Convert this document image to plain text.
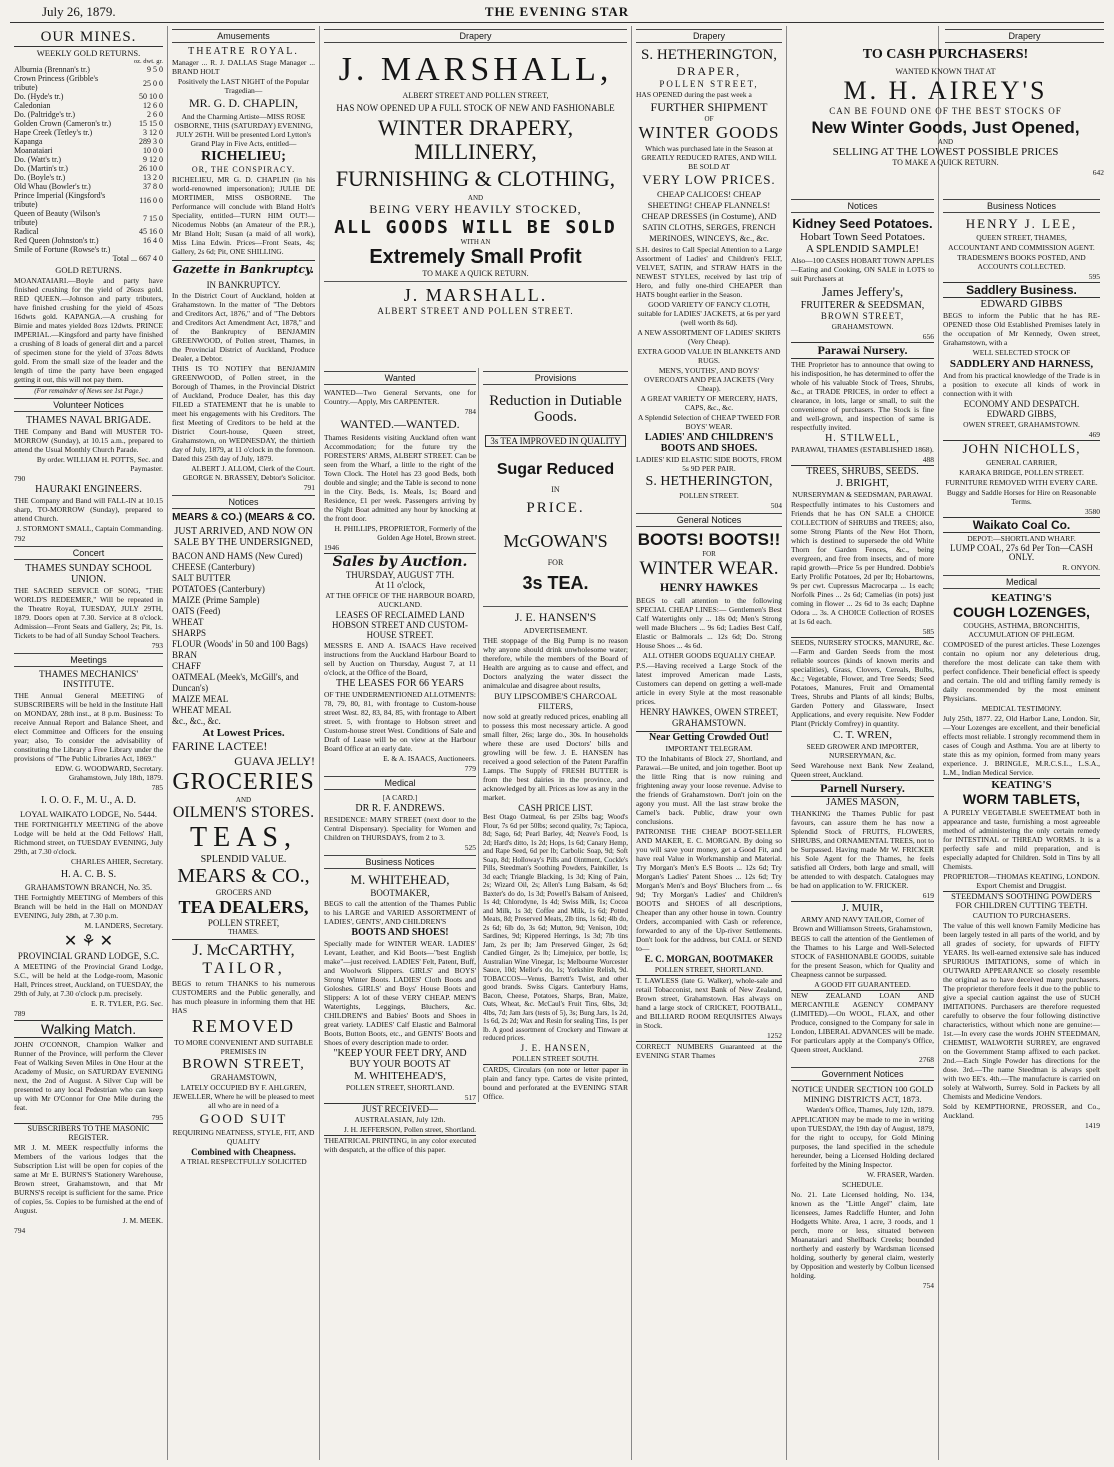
July 26, 1879.	THE EVENING STAR
OUR MINES.
WEEKLY GOLD RETURNS.
oz. dwt. gr.
Alburnia (Brennan's tr.)	9 5 0
Crown Princess (Gribble's tribute)	25 0 0
Do. (Hyde's tr.)	50 10 0
Caledonian	12 6 0
Do. (Paltridge's tr.)	2 6 0
Golden Crown (Cameron's tr.)	15 15 0
Hape Creek (Tetley's tr.)	3 12 0
Kapanga	289 3 0
Moanataiari	10 0 0
Do. (Watt's tr.)	9 12 0
Do. (Martin's tr.)	26 10 0
Do. (Boyle's tr.)	13 2 0
Old Whau (Bowler's tr.)	37 8 0
Prince Imperial (Kingsford's tribute)	116 0 0
Queen of Beauty (Wilson's tribute)	7 15 0
Radical	45 16 0
Red Queen (Johnston's tr.)	16 4 0
Smile of Fortune (Rowse's tr.)	
Total ... 667 4 0
GOLD RETURNS.
MOANATAIARI.—Boyle and party have finished crushing for the yield of 26ozs gold. RED QUEEN.—Johnson and party tributers, have finished crushing for the yield of 45ozs 16dwts gold. KAPANGA.—A crushing for Birnie and mates yielded 8ozs 12dwts. PRINCE IMPERIAL.—Kingsford and party have finished a crushing of 8 loads of general dirt and a parcel of specimen stone for the yield of 37ozs 8dwts gold. From the small size of the leader and the length of time the party have been engaged getting it out, this will not pay them.
(For remainder of News see 1st Page.)
Volunteer Notices
THAMES NAVAL BRIGADE.
THE Company and Band will MUSTER TO-MORROW (Sunday), at 10.15 a.m., prepared to attend the Usual Monthly Church Parade.
By order. WILLIAM H. POTTS, Sec. and Paymaster.
790
HAURAKI ENGINEERS.
THE Company and Band will FALL-IN at 10.15 sharp, TO-MORROW (Sunday), prepared to attend Church.
J. STORMONT SMALL, Captain Commanding.
792
Concert
THAMES SUNDAY SCHOOL UNION.
THE SACRED SERVICE OF SONG, "THE WORLD'S REDEEMER," Will be repeated in the Theatre Royal, TUESDAY, JULY 29TH, 1879. Doors open at 7.30. Service at 8 o'clock. Admission—Front Seats and Gallery, 2s; Pit, 1s. Tickets to be had of all Sunday School Teachers.
793
Meetings
THAMES MECHANICS' INSTITUTE.
THE Annual General MEETING of SUBSCRIBERS will be held in the Institute Hall on MONDAY, 28th inst., at 8 p.m. Business: To receive Annual Report and Balance Sheet, and elect Committee and Officers for the ensuing year; also, To consider the advisability of constituting the Library a Free Library under the provisions of "The Public Libraries Act, 1869."
EDW. G. WOODWARD, Secretary. Grahamstown, July 18th, 1879.
785
I. O. O. F., M. U., A. D.
LOYAL WAIKATO LODGE, No. 5444.
THE FORTNIGHTLY MEETING of the above Lodge will be held at the Odd Fellows' Hall, Richmond street, on TUESDAY EVENING, July 29th, at 7.30 o'clock.
CHARLES AHIER, Secretary.
H. A. C. B. S.
GRAHAMSTOWN BRANCH, No. 35.
THE Fortnightly MEETING of Members of this Branch will be held in the Hall on MONDAY EVENING, July 28th, at 7.30 p.m.
M. LANDERS, Secretary.
✕ ⚘ ✕
PROVINCIAL GRAND LODGE, S.C.
A MEETING of the Provincial Grand Lodge, S.C., will be held at the Lodge-room, Masonic Hall, Princes street, Auckland, on TUESDAY, the 29th of July, at 7.30 o'clock p.m. precisely.
E. R. TYLER, P.G. Sec.
789
Walking Match.
JOHN O'CONNOR, Champion Walker and Runner of the Province, will perform the Clever Feat of Walking Seven Miles in One Hour at the Academy of Music, on SATURDAY EVENING next, the 2nd of August. A Silver Cup will be presented to any local Pedestrian who can keep up with Mr O'Connor for One Mile during the feat.
795
SUBSCRIBERS TO THE MASONIC REGISTER.
MR J. M. MEEK respectfully informs the Members of the various lodges that the Subscription List will be open for copies of the same at Mr E. BURNS'S Stationery Warehouse, Brown street, Grahamstown, and that Mr BURNS'S receipt is sufficient for the same. Price of copies, 5s. Copies to be furnished at the end of August.
J. M. MEEK.
794
Amusements
THEATRE ROYAL.
Manager ... R. J. DALLAS Stage Manager ... BRAND HOLT
Positively the LAST NIGHT of the Popular Tragedian—
MR. G. D. CHAPLIN,
And the Charming Artiste—MISS ROSE OSBORNE, THIS (SATURDAY) EVENING, JULY 26TH. Will be presented Lord Lytton's Grand Play in Five Acts, entitled—
RICHELIEU;
OR, THE CONSPIRACY.
RICHELIEU, MR G. D. CHAPLIN (in his world-renowned impersonation); JULIE DE MORTIMER, MISS OSBORNE. The Performance will conclude with Bland Holt's Speciality, entitled—TURN HIM OUT!—Nicodemus Nobbs (an Amateur of the P.R.), Mr Bland Holt; Susan (a maid of all work), Miss Lina Edwin. Prices—Front Seats, 4s; Gallery, 2s 6d; Pit, ONE SHILLING.
Gazette in Bankruptcy.
IN BANKRUPTCY.
In the District Court of Auckland, holden at Grahamstown. In the matter of "The Debtors and Creditors Act, 1876," and of "The Debtors and Creditors Act Amendment Act, 1878," and of the Bankruptcy of BENJAMIN GREENWOOD, of Pollen street, Thames, in the Provincial District of Auckland, Produce Dealer, a Debtor.
THIS IS TO NOTIFY that BENJAMIN GREENWOOD, of Pollen street, in the Borough of Thames, in the Provincial District of Auckland, Produce Dealer, has this day FILED a STATEMENT that he is unable to meet his engagements with his Creditors. The first Meeting of Creditors to be held at the District Court-house, Queen street, Grahamstown, on WEDNESDAY, the thirtieth day of July, 1879, at 11 o'clock in the forenoon. Dated this 25th day of July, 1879.
ALBERT J. ALLOM, Clerk of the Court. GEORGE N. BRASSEY, Debtor's Solicitor.
791
Notices
MEARS & CO.) (MEARS & CO.
JUST ARRIVED, AND NOW ON SALE BY THE UNDERSIGNED,
BACON AND HAMS (New Cured)
CHEESE (Canterbury)
SALT BUTTER
POTATOES (Canterbury)
MAIZE (Prime Sample)
OATS (Feed)
WHEAT
SHARPS
FLOUR (Woods' in 50 and 100 Bags)
BRAN
CHAFF
OATMEAL (Meek's, McGill's, and Duncan's)
MAIZE MEAL
WHEAT MEAL
&c., &c., &c.
At Lowest Prices.
FARINE LACTEE!
GUAVA JELLY!
GROCERIES
AND
OILMEN'S STORES.
TEAS,
SPLENDID VALUE.
MEARS & CO.,
GROCERS AND
TEA DEALERS,
POLLEN STREET,
THAMES.
J. McCARTHY,
TAILOR,
BEGS to return THANKS to his numerous CUSTOMERS and the Public generally, and has much pleasure in informing them that HE HAS
REMOVED
TO MORE CONVENIENT AND SUITABLE PREMISES IN
BROWN STREET,
GRAHAMSTOWN,
LATELY OCCUPIED BY F. AHLGREN, JEWELLER, Where he will be pleased to meet all who are in need of a
GOOD SUIT
REQUIRING NEATNESS, STYLE, FIT, AND QUALITY
Combined with Cheapness.
A TRIAL RESPECTFULLY SOLICITED
Drapery
J. MARSHALL,
ALBERT STREET AND POLLEN STREET,
HAS NOW OPENED UP A FULL STOCK OF NEW AND FASHIONABLE
WINTER DRAPERY, MILLINERY,
FURNISHING & CLOTHING,
AND
BEING VERY HEAVILY STOCKED,
ALL GOODS WILL BE SOLD
WITH AN
Extremely Small Profit
TO MAKE A QUICK RETURN.
J. MARSHALL.
ALBERT STREET AND POLLEN STREET.
Wanted
WANTED—Two General Servants, one for Country.—Apply, Mrs CARPENTER.
784
WANTED.—WANTED.
Thames Residents visiting Auckland often want Accommodation; for the future try the FORESTERS' ARMS, ALBERT STREET. Can be seen from the Wharf, a little to the right of the Town Clock. The Hotel has 23 good Beds, both double and single; and the Table is second to none in the City. Beds, 1s. Meals, 1s; Board and Residence, £1 per week. Passengers arriving by the Night Boat admitted any hour by knocking at the front door.
H. PHILLIPS, PROPRIETOR, Formerly of the Golden Age Hotel, Brown street.
1946
Sales by Auction.
THURSDAY, AUGUST 7TH.
At 11 o'clock,
AT THE OFFICE OF THE HARBOUR BOARD, AUCKLAND.
LEASES OF RECLAIMED LAND HOBSON STREET AND CUSTOM-HOUSE STREET.
MESSRS E. AND A. ISAACS Have received instructions from the Auckland Harbour Board to sell by Auction on Thursday, August 7, at 11 o'clock, at the Office of the Board,
THE LEASES FOR 66 YEARS
OF THE UNDERMENTIONED ALLOTMENTS: 78, 79, 80, 81, with frontage to Custom-house street West. 82, 83, 84, 85, with frontage to Albert street. 5, with frontage to Hobson street and Custom-house street West. Conditions of Sale and Draft of Lease will be on view at the Harbour Board Office at an early date.
E. & A. ISAACS, Auctioneers.
779
Medical
[A CARD.]
DR R. F. ANDREWS.
RESIDENCE: MARY STREET (next door to the Central Dispensary). Speciality for Women and Children on THURSDAYS, from 2 to 3.
525
Business Notices
M. WHITEHEAD,
BOOTMAKER,
BEGS to call the attention of the Thames Public to his LARGE and VARIED ASSORTMENT of LADIES', GENTS', AND CHILDREN'S
BOOTS AND SHOES!
Specially made for WINTER WEAR. LADIES' Levant, Leather, and Kid Boots—"best English make"—just received. LADIES' Felt, Patent, Buff, and Woolwork Slippers. GIRLS' and BOYS' Strong Winter Boots. LADIES' Cloth Boots and Goloshes. GIRLS' and Boys' House Boots and Slippers: A lot of these VERY CHEAP. MEN'S Watertights, Leggings, Bluchers, &c. CHILDREN'S and Babies' Boots and Shoes in great variety. LADIES' Calf Elastic and Balmoral Boots, Button Boots, etc., and GENTS' Boots and Shoes of every description made to order.
"KEEP YOUR FEET DRY, AND BUY YOUR BOOTS AT
M. WHITEHEAD'S,
POLLEN STREET, SHORTLAND.
517
JUST RECEIVED—
AUSTRALASIAN, July 12th.
J. H. JEFFERSON, Pollen street, Shortland.
THEATRICAL PRINTING, in any color executed with despatch, at the office of this paper.
Provisions
Reduction in Dutiable Goods.
3s TEA IMPROVED IN QUALITY
Sugar Reduced
IN
PRICE.
McGOWAN'S
FOR
3s TEA.
J. E. HANSEN'S
ADVERTISEMENT.
THE stoppage of the Big Pump is no reason why anyone should drink unwholesome water; therefore, while the members of the Board of Health are arguing as to cause and effect, and Doctors analyzing the water dissect the animalculae and disagree about results,
BUY LIPSCOMBE'S CHARCOAL FILTERS,
now sold at greatly reduced prices, enabling all to possess this most necessary article. A good small filter, 26s; large do., 30s. In households where these are used Doctors' bills and growling will be few. J. E. HANSEN has received a good selection of the Patent Paraffin Lamps. The Supply of FRESH BUTTER is from the best dairies in the province, and acknowledged by all. Prices as low as any in the market.
CASH PRICE LIST.
Best Otago Oatmeal, 6s per 25lbs bag; Wood's Flour, 7s 6d per 50lbs; second quality, 7s; Tapioca, 8d; Sago, 6d; Pearl Barley, 4d; Neave's Food, 1s 2d; Hard's ditto, 1s 2d; Hops, 1s 6d; Canary Hemp, and Rape Seed, 6d per lb; Carbolic Soap, 9d; Soft Soap, 8d; Holloway's Pills and Ointment, Cockle's Pills, Steedman's Soothing Powders, Painkiller, 1s 3d each; Triangle Blacking, 1s 3d; King of Pain, 2s; Wizard Oil, 2s; Allen's Lung Balsam, 4s 6d; Baxter's do do, 1s 3d; Powell's Balsam of Aniseed, 1s 4d; Chlorodyne, 1s 4d; Swiss Milk, 1s; Cocoa and Milk, 1s 3d; Coffee and Milk, 1s 6d; Potted Meats, 8d; Preserved Meats, 2lb tins, 1s 6d; 4lb do, 2s 6d; 6lb do, 3s 6d; Mutton, 9d; Venison, 10d; Sardines, 9d; Kippered Herrings, 1s 3d; 7lb tins Jam, 2s per lb; Jam Preserved Ginger, 2s 6d; Candied Ginger, 2s lb; Limejuice, per bottle, 1s; Australian Wine Vinegar, 1s; Melbourne Worcester Sauce, 10d; Mellor's do, 1s; Yorkshire Relish, 9d. TOBACCOS—Venus, Barrett's Twist, and other good brands. Swiss Cigars. Canterbury Hams, Bacon, Cheese, Potatoes, Sharps, Bran, Maize, Oats, Wheat, &c. McCaul's Fruit Tins, 6lbs, 3d; 4lbs, 7d; Jam Jars (tests of 5), 3s; Bung Jars, 1s 2d, 1s 6d, 2s 2d; Wax and Resin for sealing Tins, 1s per lb. A good assortment of Crockery and Tinware at reduced prices.
J. E. HANSEN,
POLLEN STREET SOUTH.
CARDS, Circulars (on note or letter paper in plain and fancy type. Cartes de visite printed, bound and perforated at the EVENING STAR Office.
Drapery
S. HETHERINGTON,
DRAPER,
POLLEN STREET,
HAS OPENED during the past week a
FURTHER SHIPMENT
OF
WINTER GOODS
Which was purchased late in the Season at GREATLY REDUCED RATES, AND WILL BE SOLD AT
VERY LOW PRICES.
CHEAP CALICOES! CHEAP SHEETING! CHEAP FLANNELS! CHEAP DRESSES (in Costume), AND SATIN CLOTHS, SERGES, FRENCH MERINOES, WINCEYS, &c., &c.
S.H. desires to Call Special Attention to a Large Assortment of Ladies' and Children's FELT, VELVET, SATIN, and STRAW HATS in the NEWEST STYLES, received by last trip of Hero, and fully one-third CHEAPER than HATS bought earlier in the Season.
GOOD VARIETY OF FANCY CLOTH, suitable for LADIES' JACKETS, at 6s per yard (well worth 8s 6d).
A NEW ASSORTMENT OF LADIES' SKIRTS (Very Cheap).
EXTRA GOOD VALUE IN BLANKETS AND RUGS.
MEN'S, YOUTHS', AND BOYS' OVERCOATS AND PEA JACKETS (Very Cheap).
A GREAT VARIETY OF MERCERY, HATS, CAPS, &c., &c.
A Splendid Selection of CHEAP TWEED FOR BOYS' WEAR.
LADIES' AND CHILDREN'S BOOTS AND SHOES.
LADIES' KID ELASTIC SIDE BOOTS, FROM 5s 9D PER PAIR.
S. HETHERINGTON,
POLLEN STREET.
504
General Notices
BOOTS! BOOTS!!
FOR
WINTER WEAR.
HENRY HAWKES
BEGS to call attention to the following SPECIAL CHEAP LINES:— Gentlemen's Best Calf Watertights only ... 18s 0d; Men's Strong well made Bluchers ... 9s 6d; Ladies Best Calf, Elastic or Balmorals ... 12s 6d; Do. Strong House Shoes ... 4s 6d.
ALL OTHER GOODS EQUALLY CHEAP.
P.S.—Having received a Large Stock of the latest improved American made Lasts, Customers can depend on getting a well-made article in every Style at the most reasonable prices.
HENRY HAWKES, OWEN STREET, GRAHAMSTOWN.
Near Getting Crowded Out!
IMPORTANT TELEGRAM.
TO the Inhabitants of Block 27, Shortland, and Parawai.—Be united, and join together. Boot up the little Ring that is now ruining and frightening away your loose revenue. Advise to the friends of Grahamstown. Don't join on the agony you must. All the last straw broke the Camel's back. Public, draw your own conclusions.
PATRONISE THE CHEAP BOOT-SELLER AND MAKER, E. C. MORGAN. By doing so you will save your money, get a Good Fit, and have real Value in Workmanship and Material. Try Morgan's Men's E.S Boots ... 12s 6d; Try Morgan's Ladies' Patent Shoes ... 12s 6d; Try Morgan's Men's and Boys' Bluchers from ... 6s 9d; Try Morgan's Ladies' and Children's BOOTS and SHOES of all descriptions, Cheaper than any other house in town. Country Orders, accompanied with Cash or reference, forwarded to any of the Up-river Settlements. Don't look for the address, but CALL or SEND to—
E. C. MORGAN, BOOTMAKER
POLLEN STREET, SHORTLAND.
T. LAWLESS (late G. Walker), whole-sale and retail Tobacconist, next Bank of New Zealand, Brown street, Grahamstown. Has always on hand a large stock of CRICKET, FOOTBALL, and BILLIARD ROOM REQUISITES Always in Stock.
1252
CORRECT NUMBERS Guaranteed at the EVENING STAR Thames
Notices
Kidney Seed Potatoes.
Hobart Town Seed Potatoes.
A SPLENDID SAMPLE!
Also—100 CASES HOBART TOWN APPLES—Eating and Cooking, ON SALE in LOTS to suit Purchasers at
James Jeffery's,
FRUITERER & SEEDSMAN,
BROWN STREET,
GRAHAMSTOWN.
656
Parawai Nursery.
THE Proprietor has to announce that owing to his indisposition, he has determined to offer the whole of his valuable Stock of Trees, Shrubs, &c., at TRADE PRICES, in order to effect a clearance, in lots, large or small, to suit the convenience of purchasers. The Stock is fine and well-grown, and inspection of same is respectfully invited.
H. STILWELL,
PARAWAI, THAMES (ESTABLISHED 1868).
488
TREES, SHRUBS, SEEDS.
J. BRIGHT,
NURSERYMAN & SEEDSMAN, PARAWAI.
Respectfully intimates to his Customers and Friends that he has ON SALE a CHOICE COLLECTION of SHRUBS and TREES; also, some Strong Plants of the New Hot Thorn, which is destined to supersede the old White Thorn for Garden Fences, &c., being evergreen, and free from insects, and of more rapid growth—Price 5s per Hundred. Dobbie's Early Prolific Potatoes, 2d per lb; Hobartowns, 9s per cwt. Cupressus Macrocarpa ... 1s each; Norfolk Pines ... 2s 6d; Camelias (in pots) just coming in flower ... 2s 6d to 3s each; Daphne Odora ... 3s. A CHOICE Collection of ROSES at 1s 6d each.
585
SEEDS, NURSERY STOCKS, MANURE, &c.—Farm and Garden Seeds from the most reliable sources (kinds of known merits and specialities), Grass, Clovers, Cereals, Bulbs, &c.; Vegetable, Flower, and Tree Seeds; Seed Potatoes, Manures, Fruit and Ornamental Trees, Shrubs and Plants of all kinds; Bulbs, Garden Pottery and Glassware, Insect Applications, and every requisite. New Fodder Plant (Prickly Comfrey) in quantity.
C. T. WREN,
SEED GROWER AND IMPORTER, NURSERYMAN, &c.
Seed Warehouse next Bank New Zealand, Queen street, Auckland.
Parnell Nursery.
JAMES MASON,
THANKING the Thames Public for past favours, can assure them he has now a Splendid Stock of FRUITS, FLOWERS, SHRUBS, and ORNAMENTAL TREES, not to be Surpassed. Having made Mr W. FRICKER his Sole Agent for the Thames, he feels satisfied all Orders, both large and small, will be attended to with despatch. Catalogues may be had on application to W. FRICKER.
619
J. MUIR,
ARMY AND NAVY TAILOR, Corner of Brown and Williamson Streets, Grahamstown,
BEGS to call the attention of the Gentlemen of the Thames to his Large and Well-Selected STOCK of FASHIONABLE GOODS, suitable for the present Season, which for Quality and Cheapness cannot be surpassed.
A GOOD FIT GUARANTEED.
NEW ZEALAND LOAN AND MERCANTILE AGENCY COMPANY (LIMITED).—On WOOL, FLAX, and other Produce, consigned to the Company for sale in London, LIBERAL ADVANCES will be made. For particulars apply at the Company's Office, Queen street, Auckland.
2768
Government Notices
NOTICE UNDER SECTION 100 GOLD MINING DISTRICTS ACT, 1873.
Warden's Office, Thames, July 12th, 1879.
APPLICATION may be made to me in writing upon TUESDAY, the 19th day of August, 1879, for the right to occupy, for Gold Mining purposes, the land specified in the schedule hereunder, being a Licensed Holding declared forfeited by the Mining Inspector.
W. FRASER, Warden.
SCHEDULE.
No. 21. Late Licensed holding, No. 134, known as the "Little Angel" claim, late licensees, James Radcliffe Hunter, and John Hodgetts White. Area, 1 acre, 3 roods, and 1 perch, more or less, situated between Moanataiari and Shellback Creeks; bounded northerly and easterly by Wardsman licensed holding, southerly by general claim, westerly by Opposition and westerly by Colbun licensed holding.
754
Drapery
TO CASH PURCHASERS!
WANTED KNOWN THAT AT
M. H. AIREY'S
CAN BE FOUND ONE OF THE BEST STOCKS OF
New Winter Goods, Just Opened,
AND
SELLING AT THE LOWEST POSSIBLE PRICES
TO MAKE A QUICK RETURN.
642
Business Notices
HENRY J. LEE,
QUEEN STREET, THAMES,
ACCOUNTANT AND COMMISSION AGENT.
TRADESMEN'S BOOKS POSTED, AND ACCOUNTS COLLECTED.
595
Saddlery Business.
EDWARD GIBBS
BEGS to inform the Public that he has RE-OPENED those Old Established Premises lately in the occupation of Mr Kennedy, Owen street, Grahamstown, with a
WELL SELECTED STOCK OF
SADDLERY AND HARNESS,
And from his practical knowledge of the Trade is in a position to execute all kinds of work in connection with it with
ECONOMY AND DESPATCH.
EDWARD GIBBS,
OWEN STREET, GRAHAMSTOWN.
469
JOHN NICHOLLS,
GENERAL CARRIER,
KARAKA BRIDGE, POLLEN STREET.
FURNITURE REMOVED WITH EVERY CARE.
Buggy and Saddle Horses for Hire on Reasonable Terms.
3580
Waikato Coal Co.
DEPOT:—SHORTLAND WHARF.
LUMP COAL, 27s 6d Per Ton—CASH ONLY.
R. ONYON.
Medical
KEATING'S
COUGH LOZENGES,
COUGHS, ASTHMA, BRONCHITIS, ACCUMULATION OF PHLEGM.
COMPOSED of the purest articles. These Lozenges contain no opium nor any deleterious drug, therefore the most delicate can take them with perfect confidence. Their beneficial effect is speedy and certain. The old and trifling family remedy is daily recommended by the most eminent Physicians.
MEDICAL TESTIMONY.
July 25th, 1877. 22, Old Harbor Lane, London. Sir,—Your Lozenges are excellent, and their beneficial effects most reliable. I strongly recommend them in cases of Cough and Asthma. You are at liberty to state this as my opinion, formed from many years experience. J. BRINGLE, M.R.C.S.L., L.S.A., L.M., Indian Medical Service.
KEATING'S
WORM TABLETS,
A PURELY VEGETABLE SWEETMEAT both in appearance and taste, furnishing a most agreeable method of administering the only certain remedy for INTESTINAL or THREAD WORMS. It is a perfectly safe and mild preparation, and is especially adapted for Children. Sold in Tins by all Chemists.
PROPRIETOR—THOMAS KEATING, LONDON. Export Chemist and Druggist.
STEEDMAN'S SOOTHING POWDERS FOR CHILDREN CUTTING TEETH.
CAUTION TO PURCHASERS.
The value of this well known Family Medicine has been largely tested in all parts of the world, and by all grades of society, for upwards of FIFTY YEARS. Its well-earned extensive sale has induced SPURIOUS IMITATIONS, some of which in OUTWARD APPEARANCE so closely resemble the original as to have deceived many purchasers. The proprietor therefore feels it due to the public to give a special caution against the use of SUCH IMITATIONS. Purchasers are therefore requested carefully to observe the four following distinctive characteristics, without which none are genuine:— 1st.—In every case the words JOHN STEEDMAN, CHEMIST, WALWORTH SURREY, are engraved on the Government Stamp affixed to each packet. 2nd.—Each Single Powder has directions for the dose. 3rd.—The name Steedman is always spelt with two EE's. 4th.—The manufacture is carried on solely at Walworth, Surrey. Sold in Packets by all Chemists and Medicine Vendors.
Sold by KEMPTHORNE, PROSSER, and Co., Auckland.
1419
